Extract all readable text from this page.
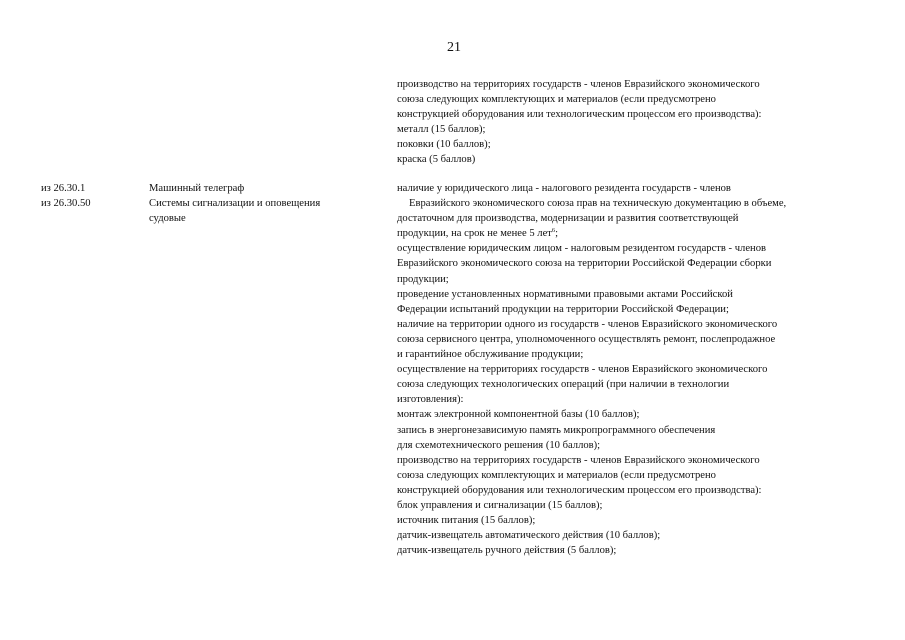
21
производство на территориях государств - членов Евразийского экономического
союза следующих комплектующих и материалов (если предусмотрено
конструкцией оборудования или технологическим процессом его производства):
металл (15 баллов);
поковки (10 баллов);
краска (5 баллов)
из 26.30.1
из 26.30.50
Машинный телеграф
Системы сигнализации и оповещения
судовые
наличие у юридического лица - налогового резидента государств - членов
Евразийского экономического союза прав на техническую документацию в объеме,
достаточном для производства, модернизации и развития соответствующей
продукции, на срок не менее 5 лет$^6$;
осуществление юридическим лицом - налоговым резидентом государств - членов
Евразийского экономического союза на территории Российской Федерации сборки
продукции;
проведение установленных нормативными правовыми актами Российской
Федерации испытаний продукции на территории Российской Федерации;
наличие на территории одного из государств - членов Евразийского экономического
союза сервисного центра, уполномоченного осуществлять ремонт, послепродажное
и гарантийное обслуживание продукции;
осуществление на территориях государств - членов Евразийского экономического
союза следующих технологических операций (при наличии в технологии
изготовления):
монтаж электронной компонентной базы (10 баллов);
запись в энергонезависимую память микропрограммного обеспечения
для схемотехнического решения (10 баллов);
производство на территориях государств - членов Евразийского экономического
союза следующих комплектующих и материалов (если предусмотрено
конструкцией оборудования или технологическим процессом его производства):
блок управления и сигнализации (15 баллов);
источник питания (15 баллов);
датчик-извещатель автоматического действия (10 баллов);
датчик-извещатель ручного действия (5 баллов);
